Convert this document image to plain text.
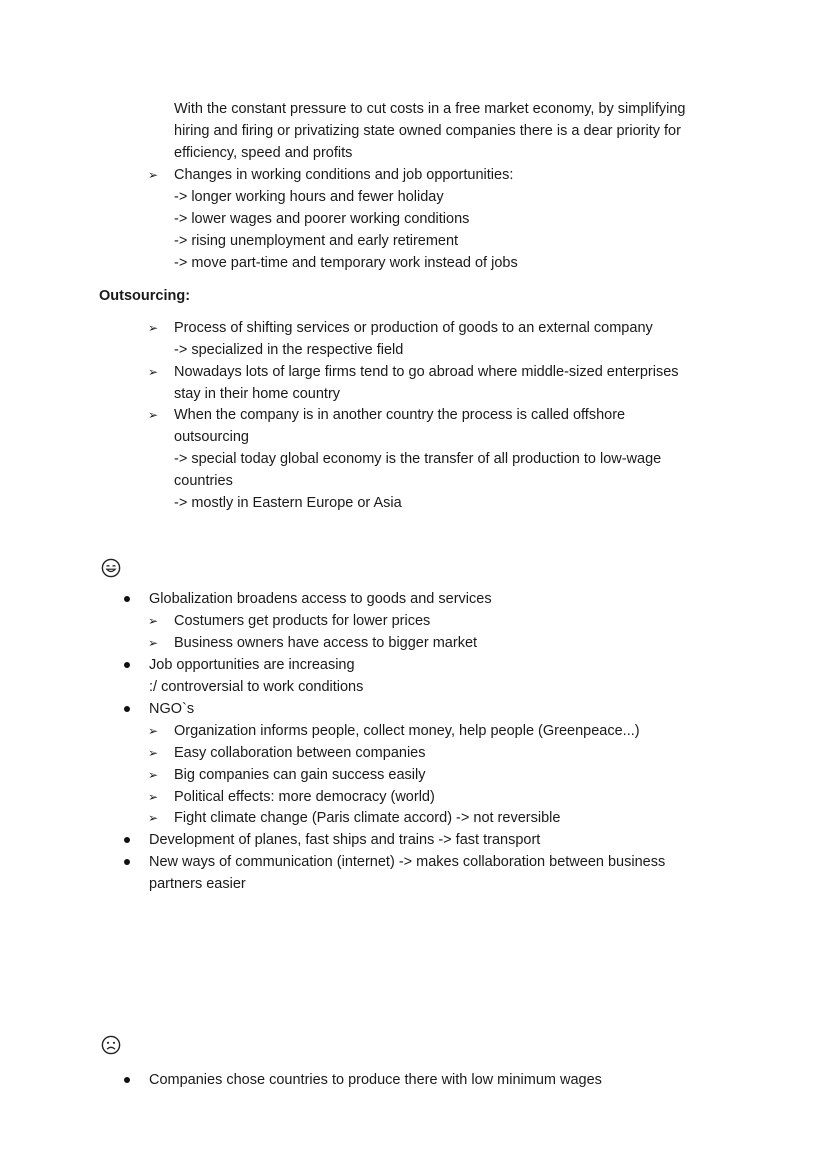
With the constant pressure to cut costs in a free market economy, by simplifying
hiring and firing or privatizing state owned companies there is a dear priority for
efficiency, speed and profits
➢ Changes in working conditions and job opportunities:
-> longer working hours and fewer holiday
-> lower wages and poorer working conditions
-> rising unemployment and early retirement
-> move part-time and temporary work instead of jobs
Outsourcing:
➢ Process of shifting services or production of goods to an external company
-> specialized in the respective field
➢ Nowadays lots of large firms tend to go abroad where middle-sized enterprises
stay in their home country
➢ When the company is in another country the process is called offshore
outsourcing
-> special today global economy is the transfer of all production to low-wage
countries
-> mostly in Eastern Europe or Asia
Globalization broadens access to goods and services
➢ Costumers get products for lower prices
➢ Business owners have access to bigger market
Job opportunities are increasing
:/ controversial to work conditions
NGO`s
➢ Organization informs people, collect money, help people (Greenpeace...)
➢ Easy collaboration between companies
➢ Big companies can gain success easily
➢ Political effects: more democracy (world)
➢ Fight climate change (Paris climate accord) -> not reversible
Development of planes, fast ships and trains -> fast transport
New ways of communication (internet) -> makes collaboration between business
partners easier
Companies chose countries to produce there with low minimum wages
